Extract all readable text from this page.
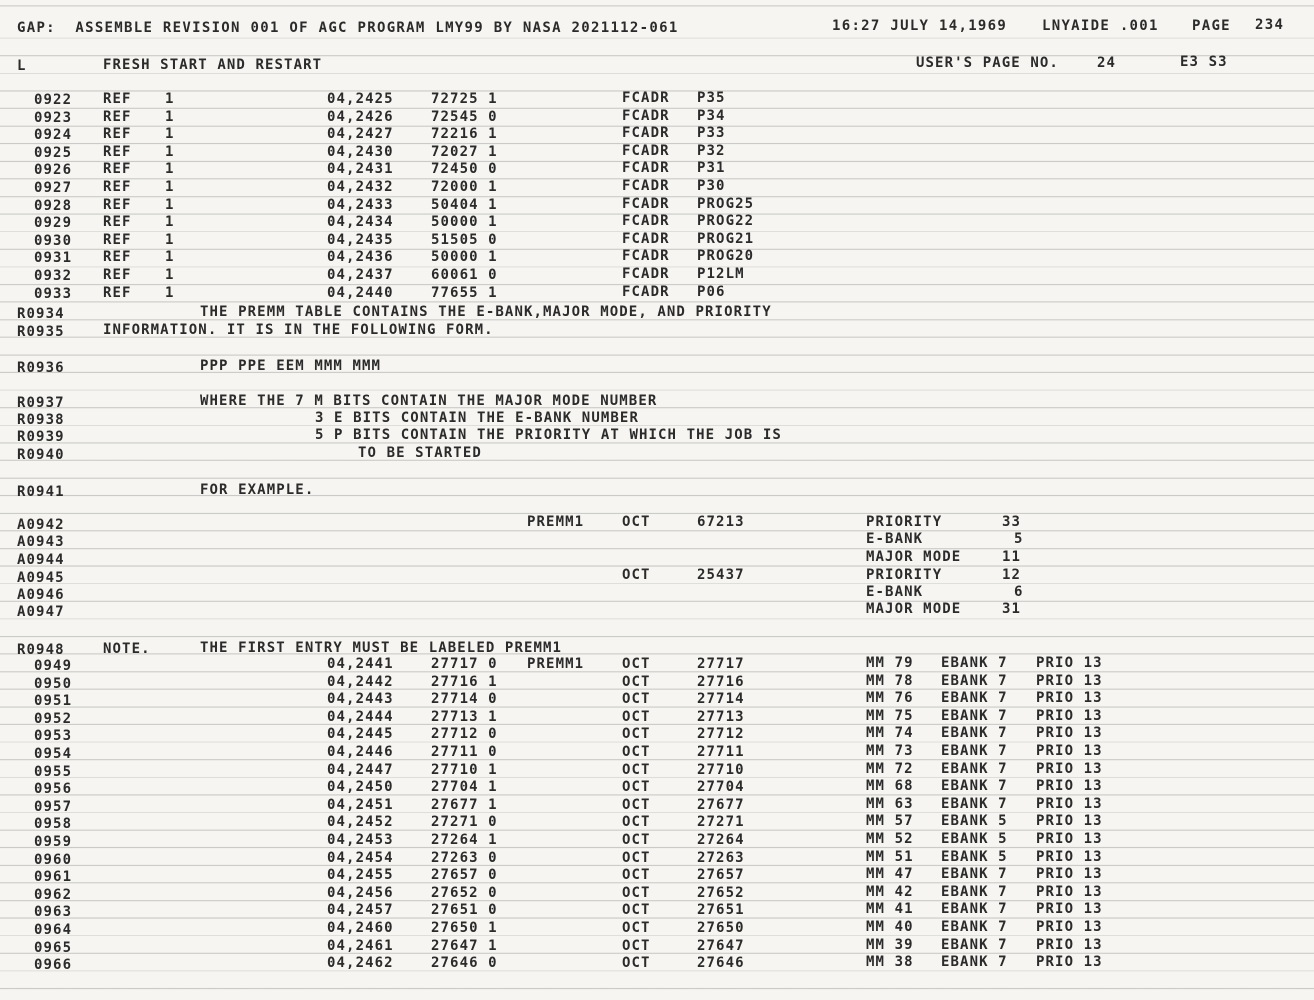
GAP:  ASSEMBLE REVISION 001 OF AGC PROGRAM LMY99 BY NASA 2021112-061	16:27 JULY 14,1969 LNYAIDE .001 PAGE 234
L	FRESH START AND RESTART	USER'S PAGE NO.	24	E3 S3
0922 REF 1	04,2425	72725 1	FCADR P35
0923 REF 1	04,2426	72545 0	FCADR P34
0924 REF 1	04,2427	72216 1	FCADR P33
0925 REF 1	04,2430	72027 1	FCADR P32
0926 REF 1	04,2431	72450 0	FCADR P31
0927 REF 1	04,2432	72000 1	FCADR P30
0928 REF 1	04,2433	50404 1	FCADR PROG25
0929 REF 1	04,2434	50000 1	FCADR PROG22
0930 REF 1	04,2435	51505 0	FCADR PROG21
0931 REF 1	04,2436	50000 1	FCADR PROG20
0932 REF 1	04,2437	60061 0	FCADR P12LM
0933 REF 1	04,2440	77655 1	FCADR P06
R0934	THE PREMM TABLE CONTAINS THE E-BANK,MAJOR MODE, AND PRIORITY
R0935	INFORMATION. IT IS IN THE FOLLOWING FORM.
R0936	PPP PPE EEM MMM MMM
R0937	WHERE THE 7 M BITS CONTAIN THE MAJOR MODE NUMBER
R0938	3 E BITS CONTAIN THE E-BANK NUMBER
R0939	5 P BITS CONTAIN THE PRIORITY AT WHICH THE JOB IS
R0940	TO BE STARTED
R0941	FOR EXAMPLE.
A0942	PREMM1	OCT	67213	PRIORITY	33
A0943	E-BANK	5
A0944	MAJOR MODE	11
A0945	OCT	25437	PRIORITY	12
A0946	E-BANK	6
A0947	MAJOR MODE	31
R0948	NOTE.	THE FIRST ENTRY MUST BE LABELED PREMM1
0949	04,2441	27717 0 PREMM1	OCT	27717	MM 79 EBANK 7 PRIO 13
0950	04,2442	27716 1	OCT	27716	MM 78 EBANK 7 PRIO 13
0951	04,2443	27714 0	OCT	27714	MM 76 EBANK 7 PRIO 13
0952	04,2444	27713 1	OCT	27713	MM 75 EBANK 7 PRIO 13
0953	04,2445	27712 0	OCT	27712	MM 74 EBANK 7 PRIO 13
0954	04,2446	27711 0	OCT	27711	MM 73 EBANK 7 PRIO 13
0955	04,2447	27710 1	OCT	27710	MM 72 EBANK 7 PRIO 13
0956	04,2450	27704 1	OCT	27704	MM 68 EBANK 7 PRIO 13
0957	04,2451	27677 1	OCT	27677	MM 63 EBANK 7 PRIO 13
0958	04,2452	27271 0	OCT	27271	MM 57 EBANK 5 PRIO 13
0959	04,2453	27264 1	OCT	27264	MM 52 EBANK 5 PRIO 13
0960	04,2454	27263 0	OCT	27263	MM 51 EBANK 5 PRIO 13
0961	04,2455	27657 0	OCT	27657	MM 47 EBANK 7 PRIO 13
0962	04,2456	27652 0	OCT	27652	MM 42 EBANK 7 PRIO 13
0963	04,2457	27651 0	OCT	27651	MM 41 EBANK 7 PRIO 13
0964	04,2460	27650 1	OCT	27650	MM 40 EBANK 7 PRIO 13
0965	04,2461	27647 1	OCT	27647	MM 39 EBANK 7 PRIO 13
0966	04,2462	27646 0	OCT	27646	MM 38 EBANK 7 PRIO 13
